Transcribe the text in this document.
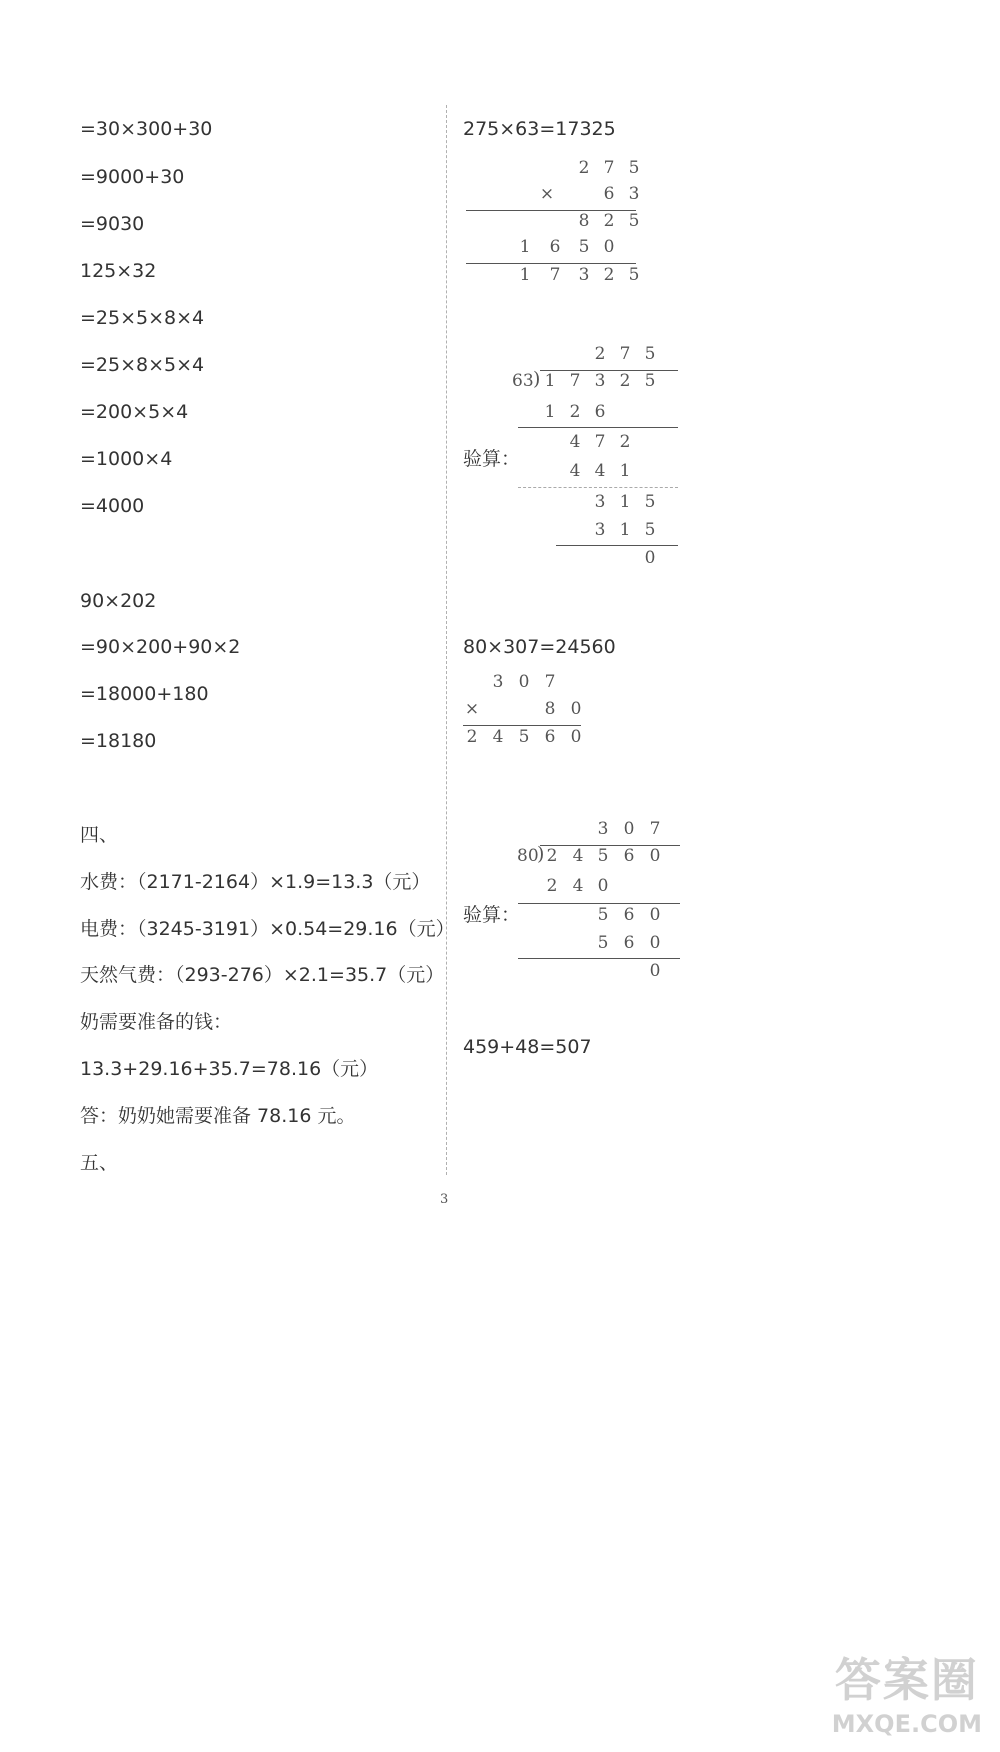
=30×300+30
=9000+30
=9030
125×32
=25×5×8×4
=25×8×5×4
=200×5×4
=1000×4
=4000
90×202
=90×200+90×2
=18000+180
=18180
四、
水费：（2171-2164）×1.9=13.3（元）
电费：（3245-3191）×0.54=29.16（元）
天然气费：（293-276）×2.1=35.7（元）
奶需要准备的钱：
13.3+29.16+35.7=78.16（元）
答：奶奶她需要准备 78.16 元。
五、
275×63=17325
2 7 5
×	6 3
8 2 5
1	6	5 0
1	7	3 2 5
2 7 5
63 ) 1 7 3 2 5
1 2 6
验算：
4 7 2
4 4 1
3 1 5
3 1 5
0
80×307=24560
3 0 7
×	8 0
2 4 5 6 0
3 0 7
80
) 2 4 5 6 0
2 4 0
验算：	5 6 0
5 6 0
0
459+48=507
3
答案圈
MXQE.COM
